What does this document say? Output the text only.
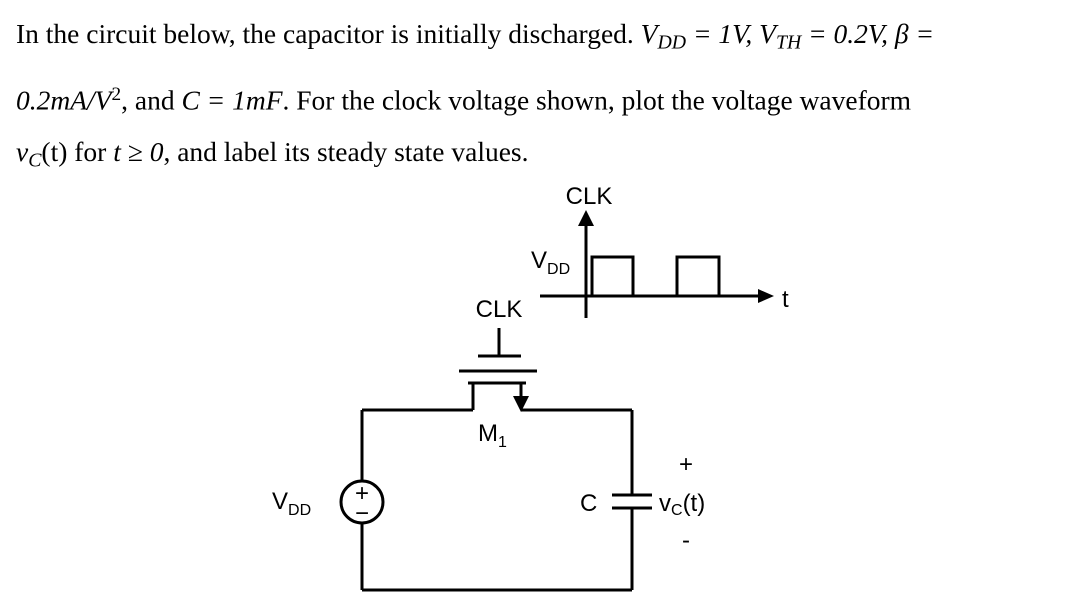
In the circuit below, the capacitor is initially discharged. $V_{DD} = 1V$, $V_{TH} = 0.2V$, β =
$0.2mA/V^2$, and C = 1mF. For the clock voltage shown, plot the voltage waveform
$v_C(t)$ for t ≥ 0, and label its steady state values.
CLK
$V_{DD}$
t
CLK
$M_1$
$V_{DD}$
+
−	C
+
vC(t)
-
